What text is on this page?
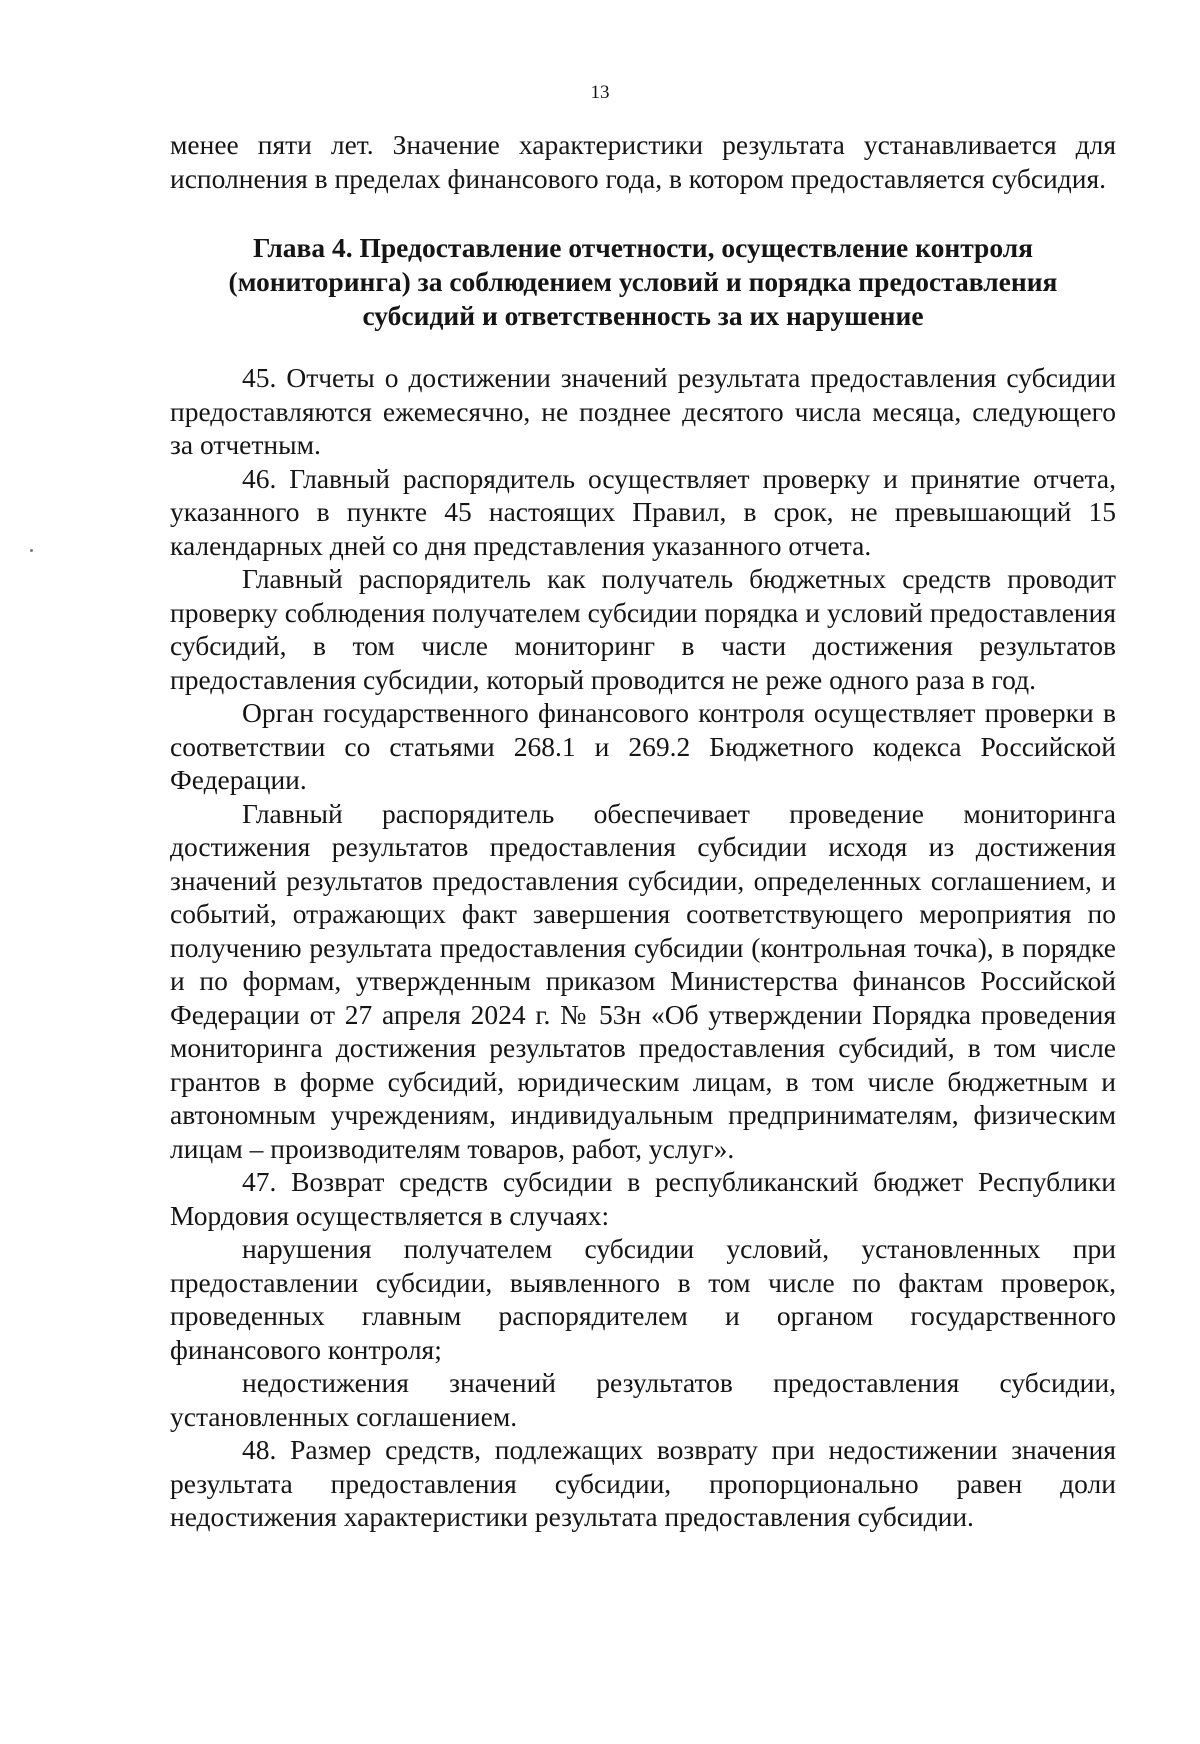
13

менее пяти лет. Значение характеристики результата устанавливается для исполнения в пределах финансового года, в котором предоставляется субсидия.

Глава 4. Предоставление отчетности, осуществление контроля
(мониторинга) за соблюдением условий и порядка предоставления
субсидий и ответственность за их нарушение

45. Отчеты о достижении значений результата предоставления субсидии предоставляются ежемесячно, не позднее десятого числа месяца, следующего за отчетным.

46. Главный распорядитель осуществляет проверку и принятие отчета, указанного в пункте 45 настоящих Правил, в срок, не превышающий 15 календарных дней со дня представления указанного отчета.

Главный распорядитель как получатель бюджетных средств проводит проверку соблюдения получателем субсидии порядка и условий предоставления субсидий, в том числе мониторинг в части достижения результатов предоставления субсидии, который проводится не реже одного раза в год.

Орган государственного финансового контроля осуществляет проверки в соответствии со статьями 268.1 и 269.2 Бюджетного кодекса Российской Федерации.

Главный распорядитель обеспечивает проведение мониторинга достижения результатов предоставления субсидии исходя из достижения значений результатов предоставления субсидии, определенных соглашением, и событий, отражающих факт завершения соответствующего мероприятия по получению результата предоставления субсидии (контрольная точка), в порядке и по формам, утвержденным приказом Министерства финансов Российской Федерации от 27 апреля 2024 г. № 53н «Об утверждении Порядка проведения мониторинга достижения результатов предоставления субсидий, в том числе грантов в форме субсидий, юридическим лицам, в том числе бюджетным и автономным учреждениям, индивидуальным предпринимателям, физическим лицам – производителям товаров, работ, услуг».

47. Возврат средств субсидии в республиканский бюджет Республики Мордовия осуществляется в случаях:

нарушения получателем субсидии условий, установленных при предоставлении субсидии, выявленного в том числе по фактам проверок, проведенных главным распорядителем и органом государственного финансового контроля;

недостижения значений результатов предоставления субсидии, установленных соглашением.

48. Размер средств, подлежащих возврату при недостижении значения результата предоставления субсидии, пропорционально равен доли недостижения характеристики результата предоставления субсидии.
